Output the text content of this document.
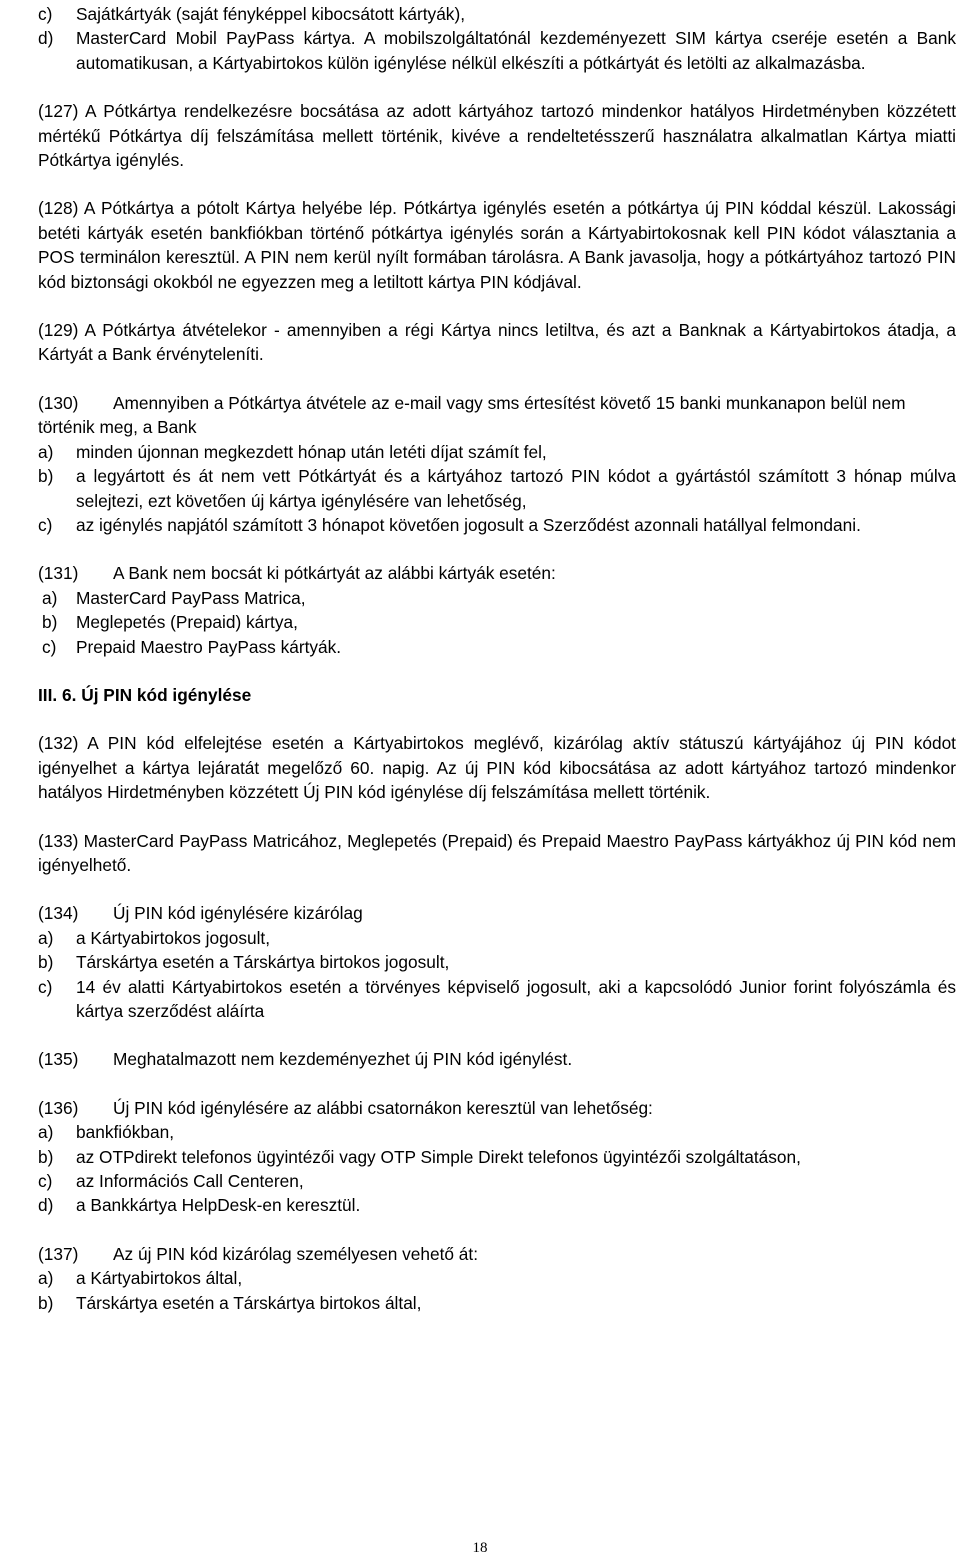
c)	Sajátkártyák (saját fényképpel kibocsátott kártyák),
d)	MasterCard Mobil PayPass kártya. A mobilszolgáltatónál kezdeményezett SIM kártya cseréje esetén a Bank automatikusan, a Kártyabirtokos külön igénylése nélkül elkészíti a pótkártyát és letölti az alkalmazásba.

(127) A Pótkártya rendelkezésre bocsátása az adott kártyához tartozó mindenkor hatályos Hirdetményben közzétett mértékű Pótkártya díj felszámítása mellett történik, kivéve a rendeltetésszerű használatra alkalmatlan Kártya miatti Pótkártya igénylés.

(128) A Pótkártya a pótolt Kártya helyébe lép. Pótkártya igénylés esetén a pótkártya új PIN kóddal készül. Lakossági betéti kártyák esetén bankfiókban történő pótkártya igénylés során a Kártyabirtokosnak kell PIN kódot választania a POS terminálon keresztül. A PIN nem kerül nyílt formában tárolásra. A Bank javasolja, hogy a pótkártyához tartozó PIN kód biztonsági okokból ne egyezzen meg a letiltott kártya PIN kódjával.

(129) A Pótkártya átvételekor - amennyiben a régi Kártya nincs letiltva, és azt a Banknak a Kártyabirtokos átadja, a Kártyát a Bank érvényteleníti.

(130) Amennyiben a Pótkártya átvétele az e-mail vagy sms értesítést követő 15 banki munkanapon belül nem történik meg, a Bank

a)	minden újonnan megkezdett hónap után letéti díjat számít fel,
b)	a legyártott és át nem vett Pótkártyát és a kártyához tartozó PIN kódot a gyártástól számított 3 hónap múlva selejtezi, ezt követően új kártya igénylésére van lehetőség,
c)	az igénylés napjától számított 3 hónapot követően jogosult a Szerződést azonnali hatállyal felmondani.

(131) A Bank nem bocsát ki pótkártyát az alábbi kártyák esetén:

a)	MasterCard PayPass Matrica,
b)	Meglepetés (Prepaid) kártya,
c)	Prepaid Maestro PayPass kártyák.

III. 6. Új PIN kód igénylése

(132) A PIN kód elfelejtése esetén a Kártyabirtokos meglévő, kizárólag aktív státuszú kártyájához új PIN kódot igényelhet a kártya lejáratát megelőző 60. napig. Az új PIN kód kibocsátása az adott kártyához tartozó mindenkor hatályos Hirdetményben közzétett Új PIN kód igénylése díj felszámítása mellett történik.

(133) MasterCard PayPass Matricához, Meglepetés (Prepaid) és Prepaid Maestro PayPass kártyákhoz új PIN kód nem igényelhető.

(134) Új PIN kód igénylésére kizárólag

a)	a Kártyabirtokos jogosult,
b)	Társkártya esetén a Társkártya birtokos jogosult,
c)	14 év alatti Kártyabirtokos esetén a törvényes képviselő jogosult, aki a kapcsolódó Junior forint folyószámla és kártya szerződést aláírta

(135) Meghatalmazott nem kezdeményezhet új PIN kód igénylést.

(136) Új PIN kód igénylésére az alábbi csatornákon keresztül van lehetőség:

a)	bankfiókban,
b)	az OTPdirekt telefonos ügyintézői vagy OTP Simple Direkt telefonos ügyintézői szolgáltatáson,
c)	az Információs Call Centeren,
d)	a Bankkártya HelpDesk-en keresztül.

(137) Az új PIN kód kizárólag személyesen vehető át:

a)	a Kártyabirtokos által,
b)	Társkártya esetén a Társkártya birtokos által,
18
